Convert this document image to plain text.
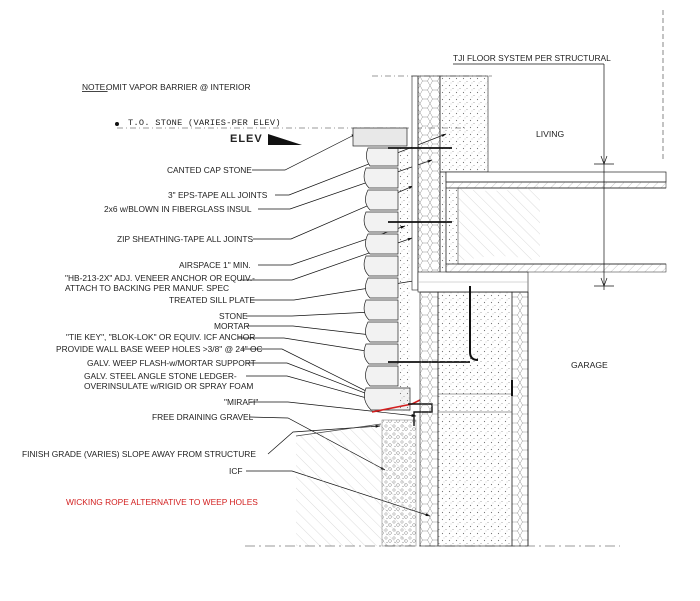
NOTE:
OMIT VAPOR BARRIER @ INTERIOR
T.O. STONE (VARIES-PER ELEV)
ELEV
TJI FLOOR SYSTEM PER STRUCTURAL
LIVING
GARAGE
CANTED CAP STONE
3" EPS-TAPE ALL JOINTS
2x6 w/BLOWN IN FIBERGLASS INSUL
ZIP SHEATHING-TAPE ALL JOINTS
AIRSPACE 1" MIN.
"HB-213-2X" ADJ. VENEER ANCHOR OR EQUIV.-
ATTACH TO BACKING PER MANUF. SPEC
TREATED SILL PLATE
STONE
MORTAR
"TIE KEY", "BLOK-LOK" OR EQUIV. ICF ANCHOR
PROVIDE WALL BASE WEEP HOLES >3/8" @ 24" OC
GALV. WEEP FLASH-w/MORTAR SUPPORT
GALV. STEEL ANGLE STONE LEDGER-
OVERINSULATE w/RIGID OR SPRAY FOAM
"MIRAFI"
FREE DRAINING GRAVEL
FINISH GRADE (VARIES) SLOPE AWAY FROM STRUCTURE
ICF
WICKING ROPE ALTERNATIVE TO WEEP HOLES
